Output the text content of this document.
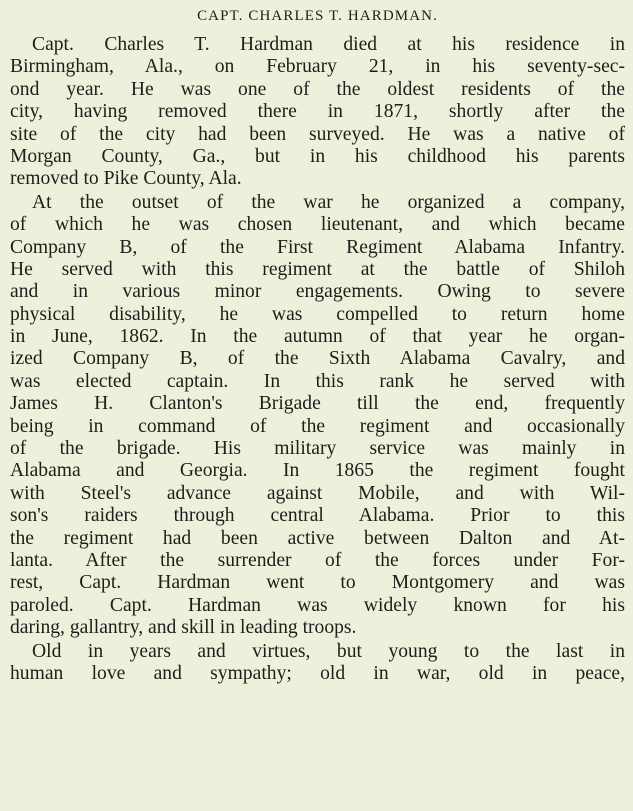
CAPT. CHARLES T. HARDMAN.
Capt. Charles T. Hardman died at his residence in
Birmingham, Ala., on February 21, in his seventy-sec-
ond year. He was one of the oldest residents of the
city, having removed there in 1871, shortly after the
site of the city had been surveyed. He was a native of
Morgan County, Ga., but in his childhood his parents
removed to Pike County, Ala.
At the outset of the war he organized a company,
of which he was chosen lieutenant, and which became
Company B, of the First Regiment Alabama Infantry.
He served with this regiment at the battle of Shiloh
and in various minor engagements. Owing to severe
physical disability, he was compelled to return home
in June, 1862. In the autumn of that year he organ-
ized Company B, of the Sixth Alabama Cavalry, and
was elected captain. In this rank he served with
James H. Clanton's Brigade till the end, frequently
being in command of the regiment and occasionally
of the brigade. His military service was mainly in
Alabama and Georgia. In 1865 the regiment fought
with Steel's advance against Mobile, and with Wil-
son's raiders through central Alabama. Prior to this
the regiment had been active between Dalton and At-
lanta. After the surrender of the forces under For-
rest, Capt. Hardman went to Montgomery and was
paroled. Capt. Hardman was widely known for his
daring, gallantry, and skill in leading troops.
Old in years and virtues, but young to the last in
human love and sympathy; old in war, old in peace,
